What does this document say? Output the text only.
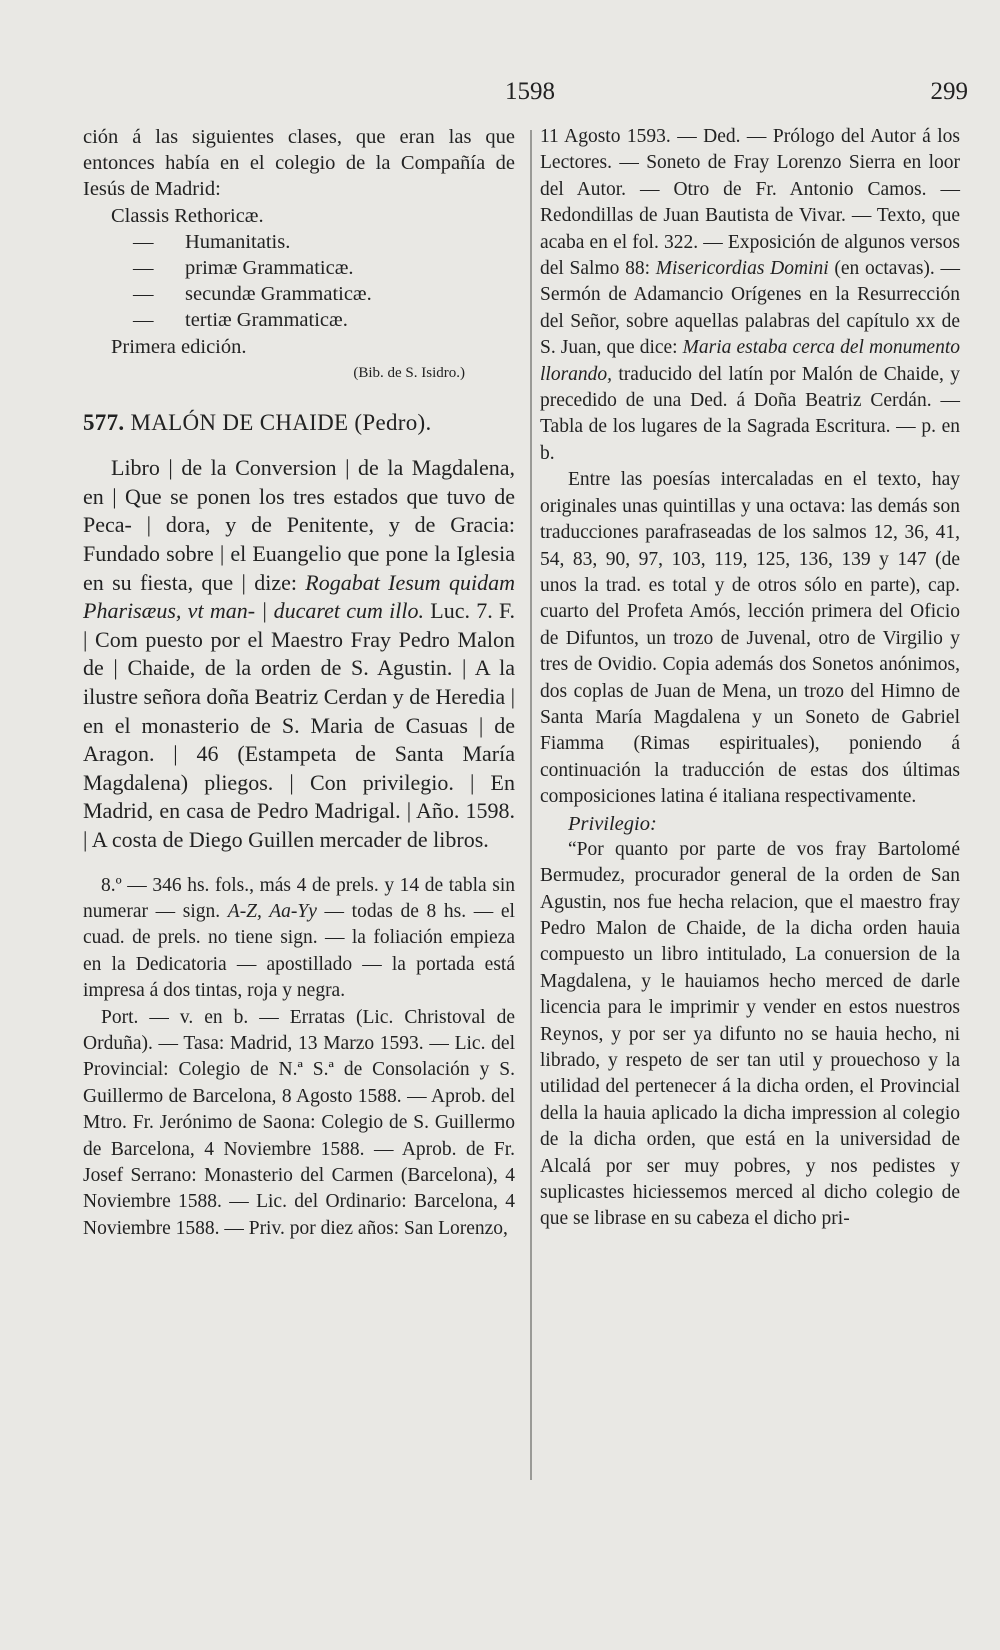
1598	299

ción á las siguientes clases, que eran las que entonces había en el colegio de la Compañía de Iesús de Madrid:

Classis Rethoricæ.
—	Humanitatis.
—	primæ Grammaticæ.
—	secundæ Grammaticæ.
—	tertiæ Grammaticæ.
Primera edición.
(Bib. de S. Isidro.)
577. MALÓN DE CHAIDE (Pedro).

Libro | de la Conversion | de la Magdalena, en | Que se ponen los tres estados que tuvo de Peca- | dora, y de Penitente, y de Gracia: Fundado sobre | el Euangelio que pone la Iglesia en su fiesta, que | dize: Rogabat Iesum quidam Pharisæus, vt man- | ducaret cum illo. Luc. 7. F. | Com puesto por el Maestro Fray Pedro Malon de | Chaide, de la orden de S. Agustin. | A la ilustre señora doña Beatriz Cerdan y de Heredia | en el monasterio de S. Maria de Casuas | de Aragon. | 46 (Estampeta de Santa María Magdalena) pliegos. | Con privilegio. | En Madrid, en casa de Pedro Madrigal. | Año. 1598. | A costa de Diego Guillen mercader de libros.

8.º — 346 hs. fols., más 4 de prels. y 14 de tabla sin numerar — sign. A-Z, Aa-Yy — todas de 8 hs. — el cuad. de prels. no tiene sign. — la foliación empieza en la Dedicatoria — apostillado — la portada está impresa á dos tintas, roja y negra.

Port. — v. en b. — Erratas (Lic. Christoval de Orduña). — Tasa: Madrid, 13 Marzo 1593. — Lic. del Provincial: Colegio de N.ª S.ª de Consolación y S. Guillermo de Barcelona, 8 Agosto 1588. — Aprob. del Mtro. Fr. Jerónimo de Saona: Colegio de S. Guillermo de Barcelona, 4 Noviembre 1588. — Aprob. de Fr. Josef Serrano: Monasterio del Carmen (Barcelona), 4 Noviembre 1588. — Lic. del Ordinario: Barcelona, 4 Noviembre 1588. — Priv. por diez años: San Lorenzo,

11 Agosto 1593. — Ded. — Prólogo del Autor á los Lectores. — Soneto de Fray Lorenzo Sierra en loor del Autor. — Otro de Fr. Antonio Camos. — Redondillas de Juan Bautista de Vivar. — Texto, que acaba en el fol. 322. — Exposición de algunos versos del Salmo 88: Misericordias Domini (en octavas). — Sermón de Adamancio Orígenes en la Resurrección del Señor, sobre aquellas palabras del capítulo xx de S. Juan, que dice: Maria estaba cerca del monumento llorando, traducido del latín por Malón de Chaide, y precedido de una Ded. á Doña Beatriz Cerdán. — Tabla de los lugares de la Sagrada Escritura. — p. en b.

Entre las poesías intercaladas en el texto, hay originales unas quintillas y una octava: las demás son traducciones parafraseadas de los salmos 12, 36, 41, 54, 83, 90, 97, 103, 119, 125, 136, 139 y 147 (de unos la trad. es total y de otros sólo en parte), cap. cuarto del Profeta Amós, lección primera del Oficio de Difuntos, un trozo de Juvenal, otro de Virgilio y tres de Ovidio. Copia además dos Sonetos anónimos, dos coplas de Juan de Mena, un trozo del Himno de Santa María Magdalena y un Soneto de Gabriel Fiamma (Rimas espirituales), poniendo á continuación la traducción de estas dos últimas composiciones latina é italiana respectivamente.

Privilegio:

“Por quanto por parte de vos fray Bartolomé Bermudez, procurador general de la orden de San Agustin, nos fue hecha relacion, que el maestro fray Pedro Malon de Chaide, de la dicha orden hauia compuesto un libro intitulado, La conuersion de la Magdalena, y le hauiamos hecho merced de darle licencia para le imprimir y vender en estos nuestros Reynos, y por ser ya difunto no se hauia hecho, ni librado, y respeto de ser tan util y prouechoso y la utilidad del pertenecer á la dicha orden, el Provincial della la hauia aplicado la dicha impression al colegio de la dicha orden, que está en la universidad de Alcalá por ser muy pobres, y nos pedistes y suplicastes hiciessemos merced al dicho colegio de que se librase en su cabeza el dicho pri-
